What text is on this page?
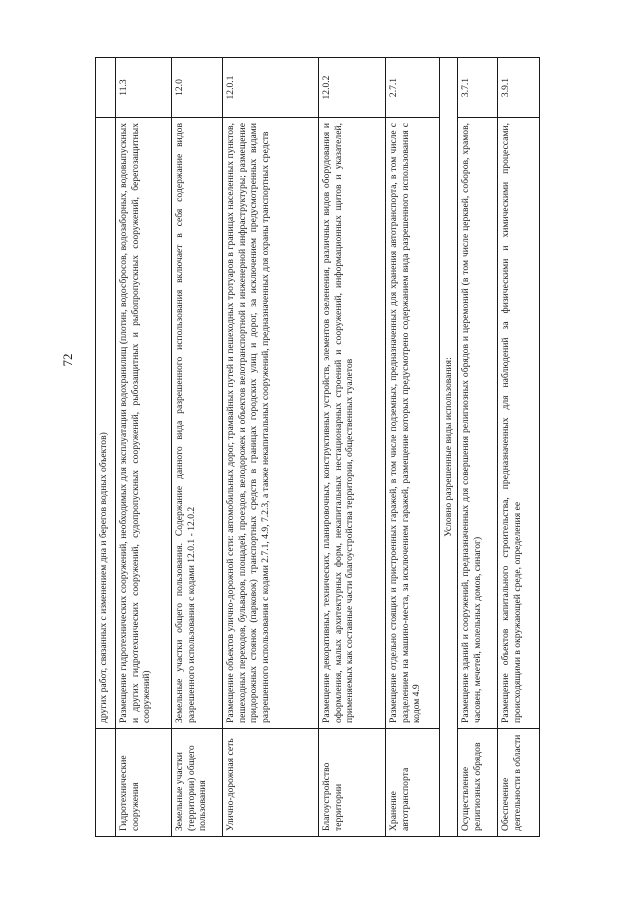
72
	других работ, связанных с изменением дна и берегов водных объектов)	
Гидротехнические сооружения	Размещение гидротехнических сооружений, необходимых для эксплуатации водохранилищ (плотин, водосбросов, водозаборных, водовыпускных и других гидротехнических сооружений, судопропускных сооружений, рыбозащитных и рыбопропускных сооружений, берегозащитных сооружений)	11.3
Земельные участки (территории) общего пользования	Земельные участки общего пользования. Содержание данного вида разрешенного использования включает в себя содержание видов разрешенного использования с кодами 12.0.1 - 12.0.2	12.0
Улично-дорожная сеть	Размещение объектов улично-дорожной сети: автомобильных дорог, трамвайных путей и пешеходных тротуаров в границах населенных пунктов, пешеходных переходов, бульваров, площадей, проездов, велодорожек и объектов велотранспортной и инженерной инфраструктуры; размещение придорожных стоянок (парковок) транспортных средств в границах городских улиц и дорог, за исключением предусмотренных видами разрешенного использования с кодами 2.7.1, 4.9, 7.2.3, а также некапитальных сооружений, предназначенных для охраны транспортных средств	12.0.1
Благоустройство территории	Размещение декоративных, технических, планировочных, конструктивных устройств, элементов озеленения, различных видов оборудования и оформления, малых архитектурных форм, некапитальных нестационарных строений и сооружений, информационных щитов и указателей, применяемых как составные части благоустройства территории, общественных туалетов	12.0.2
Хранение автотранспорта	Размещение отдельно стоящих и пристроенных гаражей, в том числе подземных, предназначенных для хранения автотранспорта, в том числе с разделением на машино-места, за исключением гаражей, размещение которых предусмотрено содержанием вида разрешенного использования с кодом 4.9	2.7.1
Условно разрешенные виды использования:		
Осуществление религиозных обрядов	Размещение зданий и сооружений, предназначенных для совершения религиозных обрядов и церемоний (в том числе церквей, соборов, храмов, часовен, мечетей, молельных домов, синагог)	3.7.1
Обеспечение деятельности в области	Размещение объектов капитального строительства, предназначенных для наблюдений за физическими и химическими процессами, происходящими в окружающей среде, определения ее	3.9.1
